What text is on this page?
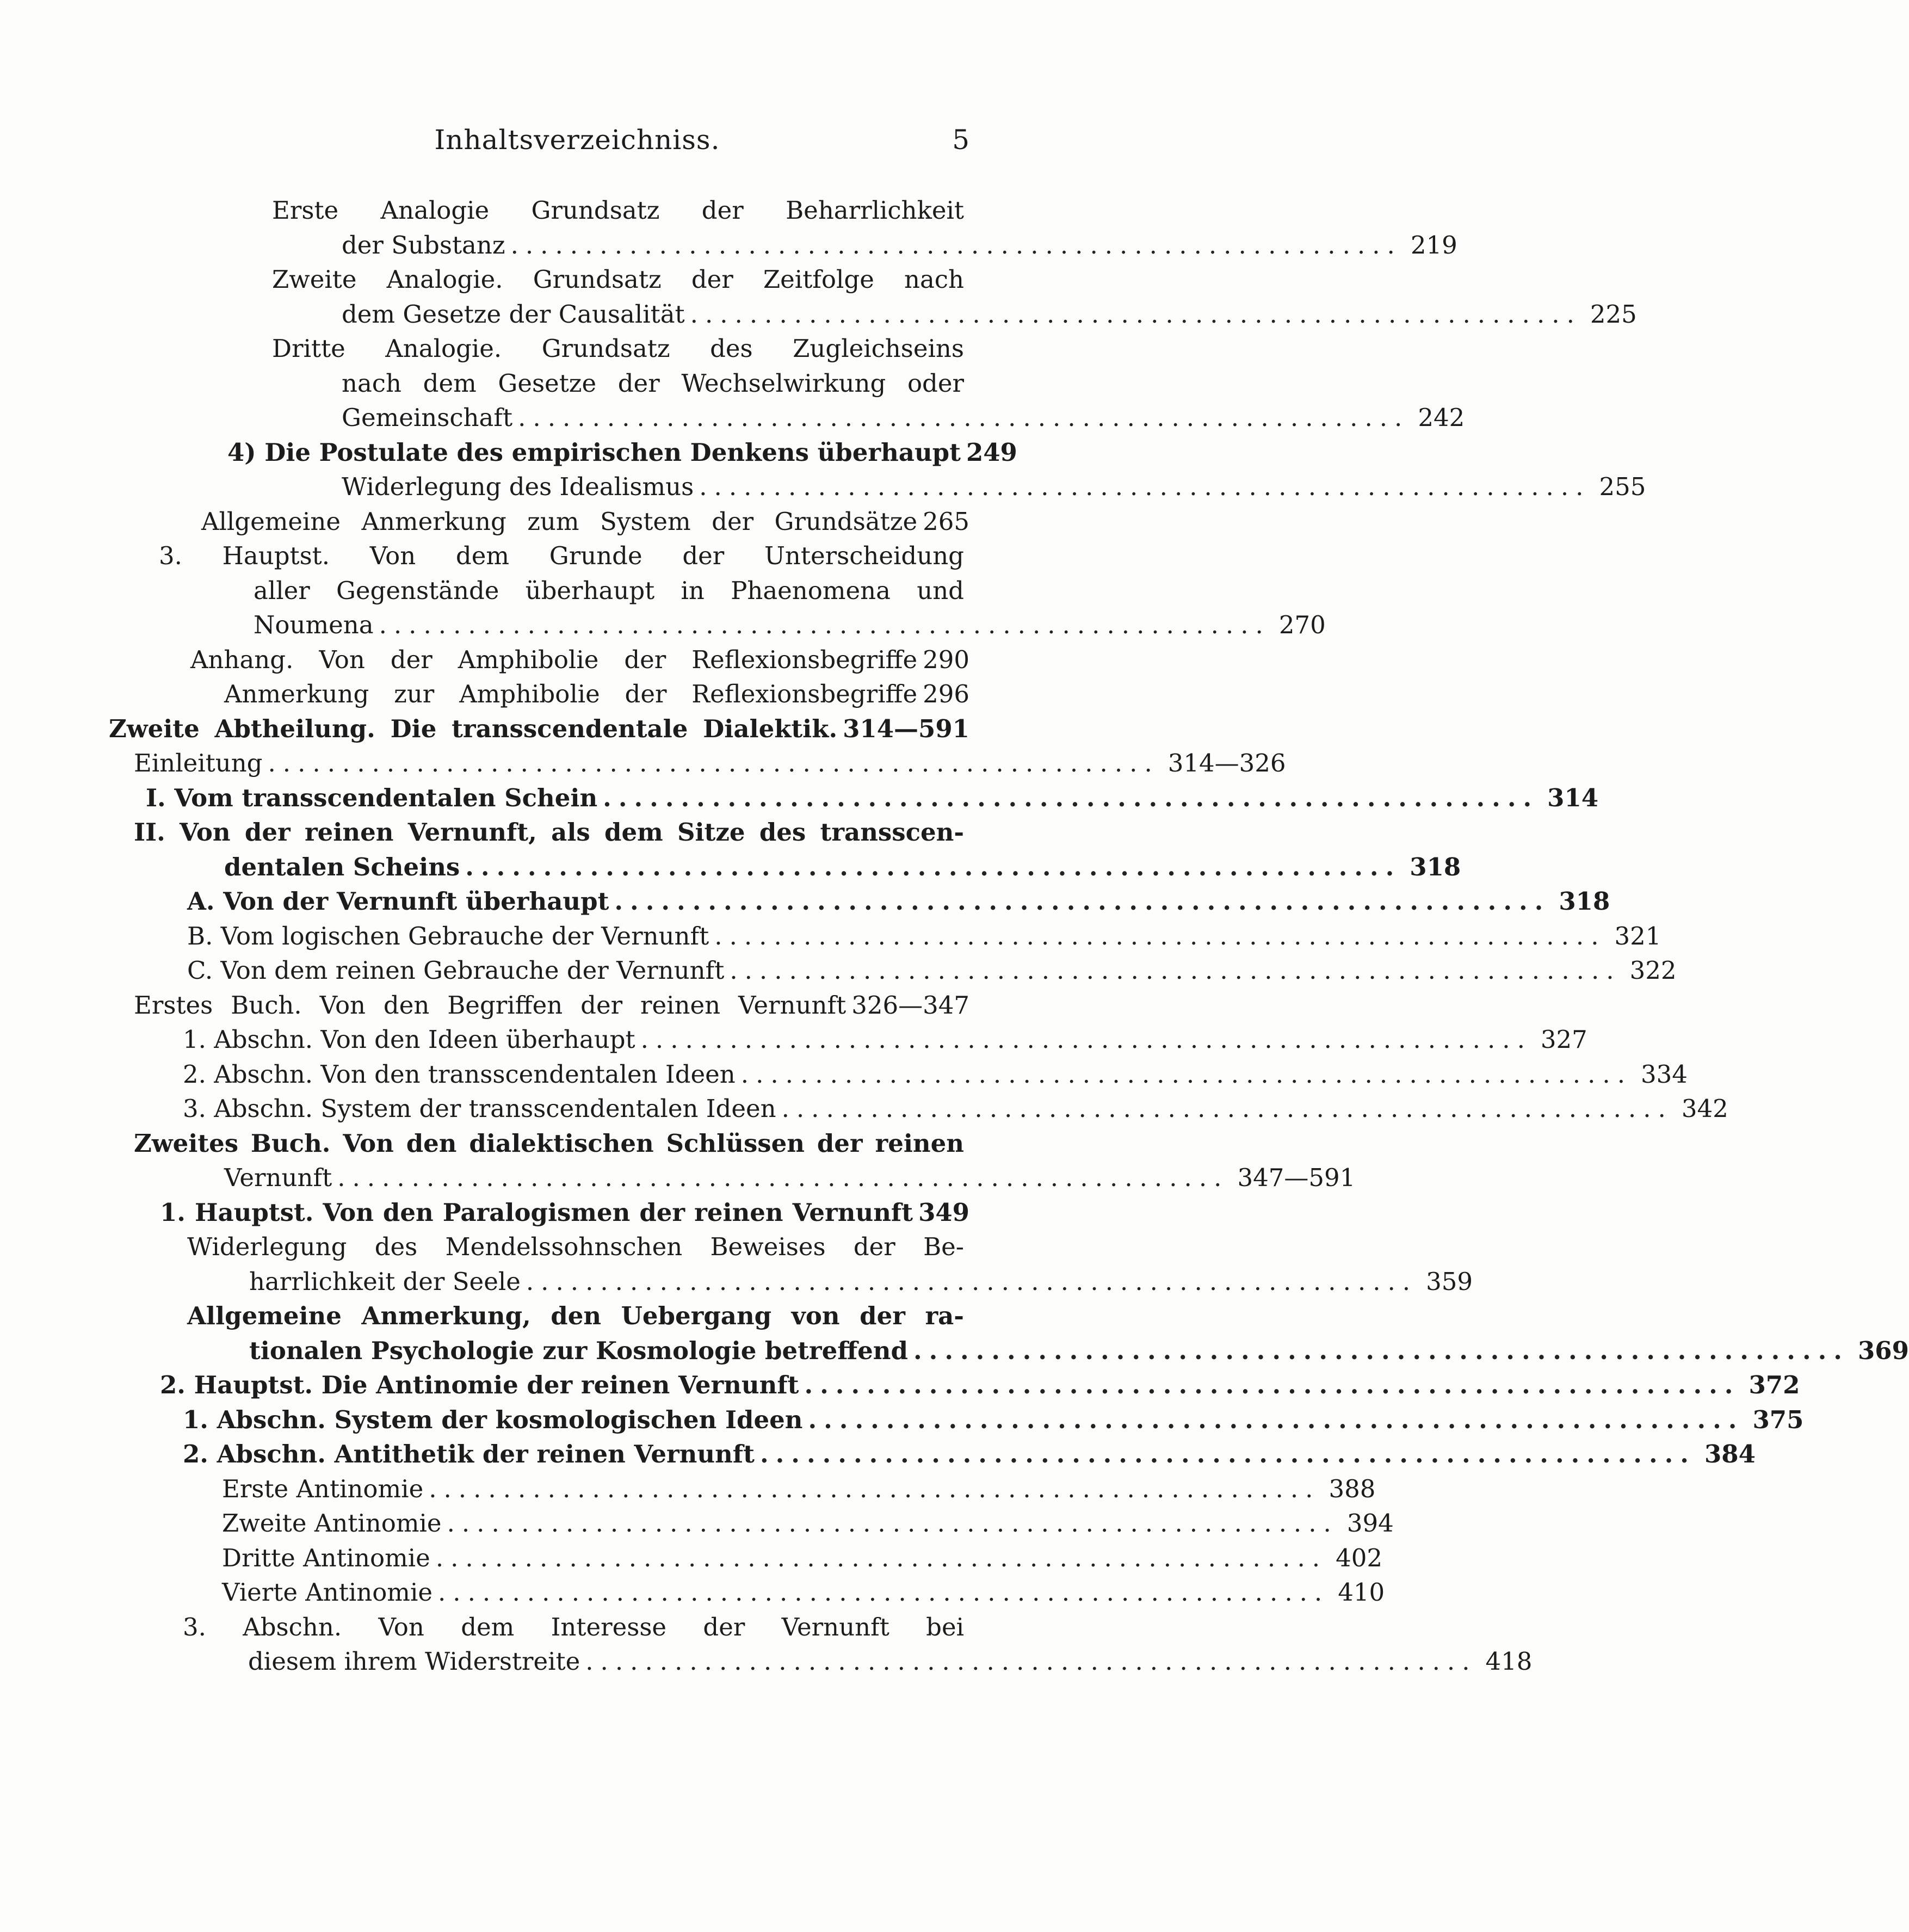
Inhaltsverzeichniss.	5
Erste Analogie Grundsatz der Beharrlichkeit
der Substanz ............................................................ 219
Zweite Analogie. Grundsatz der Zeitfolge nach
dem Gesetze der Causalität ............................................................ 225
Dritte Analogie. Grundsatz des Zugleichseins
nach dem Gesetze der Wechselwirkung oder
Gemeinschaft ............................................................ 242
4) Die Postulate des empirischen Denkens überhaupt 249
Widerlegung des Idealismus ............................................................ 255
Allgemeine Anmerkung zum System der Grundsätze 265
3. Hauptst. Von dem Grunde der Unterscheidung
aller Gegenstände überhaupt in Phaenomena und
Noumena ............................................................ 270
Anhang. Von der Amphibolie der Reflexionsbegriffe 290
Anmerkung zur Amphibolie der Reflexionsbegriffe 296
Zweite Abtheilung. Die transscendentale Dialektik. 314—591
Einleitung ............................................................ 314—326
I. Vom transscendentalen Schein ............................................................ 314
II. Von der reinen Vernunft, als dem Sitze des transscen-
dentalen Scheins ............................................................ 318
A. Von der Vernunft überhaupt ............................................................ 318
B. Vom logischen Gebrauche der Vernunft ............................................................ 321
C. Von dem reinen Gebrauche der Vernunft ............................................................ 322
Erstes Buch. Von den Begriffen der reinen Vernunft 326—347
1. Abschn. Von den Ideen überhaupt ............................................................ 327
2. Abschn. Von den transscendentalen Ideen ............................................................ 334
3. Abschn. System der transscendentalen Ideen ............................................................ 342
Zweites Buch. Von den dialektischen Schlüssen der reinen
Vernunft ............................................................ 347—591
1. Hauptst. Von den Paralogismen der reinen Vernunft 349
Widerlegung des Mendelssohnschen Beweises der Be-
harrlichkeit der Seele ............................................................ 359
Allgemeine Anmerkung, den Uebergang von der ra-
tionalen Psychologie zur Kosmologie betreffend ............................................................ 369
2. Hauptst. Die Antinomie der reinen Vernunft ............................................................ 372
1. Abschn. System der kosmologischen Ideen ............................................................ 375
2. Abschn. Antithetik der reinen Vernunft ............................................................ 384
Erste Antinomie ............................................................ 388
Zweite Antinomie ............................................................ 394
Dritte Antinomie ............................................................ 402
Vierte Antinomie ............................................................ 410
3. Abschn. Von dem Interesse der Vernunft bei
diesem ihrem Widerstreite ............................................................ 418
